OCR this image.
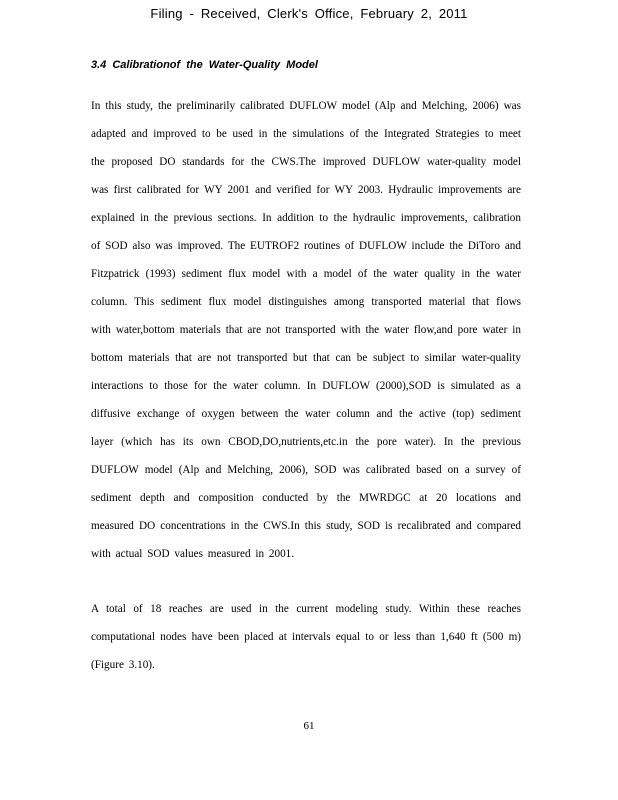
Filing - Received, Clerk's Office, February 2, 2011
3.4 Calibrationof the Water-Quality Model

In this study, the preliminarily calibrated DUFLOW model (Alp and Melching, 2006) was adapted and improved to be used in the simulations of the Integrated Strategies to meet the proposed DO standards for the CWS.The improved DUFLOW water-quality model was first calibrated for WY 2001 and verified for WY 2003. Hydraulic improvements are explained in the previous sections. In addition to the hydraulic improvements, calibration of SOD also was improved. The EUTROF2 routines of DUFLOW include the DiToro and Fitzpatrick (1993) sediment flux model with a model of the water quality in the water column. This sediment flux model distinguishes among transported material that flows with water,bottom materials that are not transported with the water flow,and pore water in bottom materials that are not transported but that can be subject to similar water-quality interactions to those for the water column. In DUFLOW (2000),SOD is simulated as a diffusive exchange of oxygen between the water column and the active (top) sediment layer (which has its own CBOD,DO,nutrients,etc.in the pore water). In the previous DUFLOW model (Alp and Melching, 2006), SOD was calibrated based on a survey of sediment depth and composition conducted by the MWRDGC at 20 locations and measured DO concentrations in the CWS.In this study, SOD is recalibrated and compared with actual SOD values measured in 2001.

A total of 18 reaches are used in the current modeling study. Within these reaches computational nodes have been placed at intervals equal to or less than 1,640 ft (500 m) (Figure 3.10).

61
